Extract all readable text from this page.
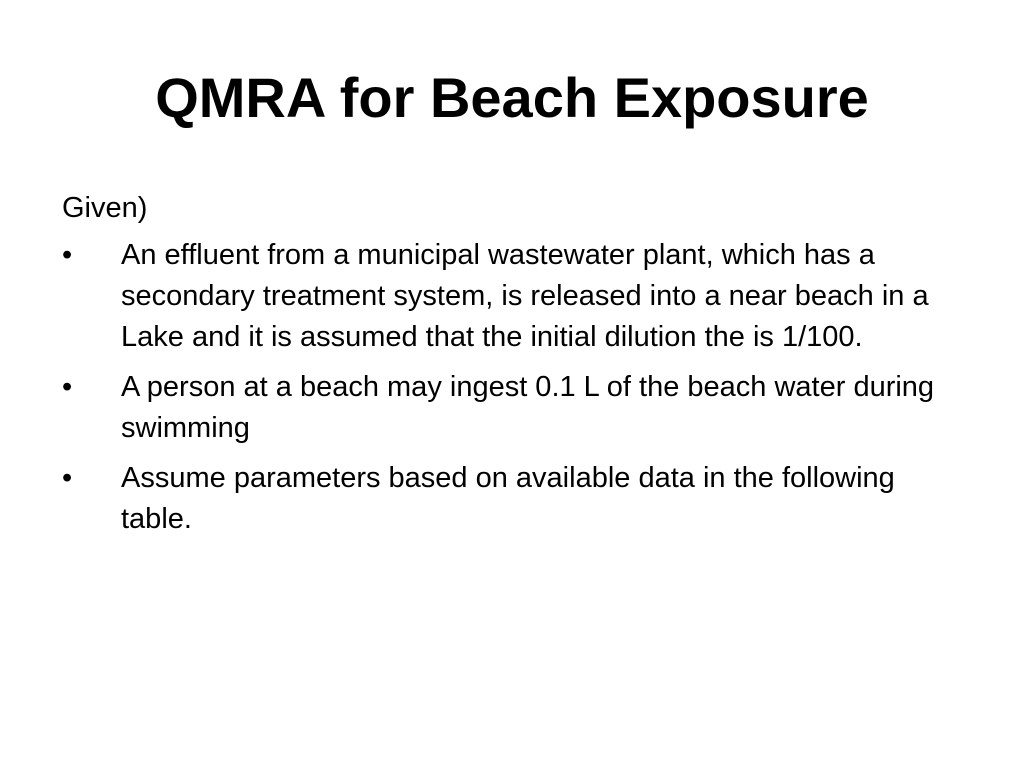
QMRA for Beach Exposure

Given)

• An effluent from a municipal wastewater plant, which has a secondary treatment system, is released into a near beach in a Lake and it is assumed that the initial dilution the is 1/100.
• A person at a beach may ingest 0.1 L of the beach water during swimming
• Assume parameters based on available data in the following table.
